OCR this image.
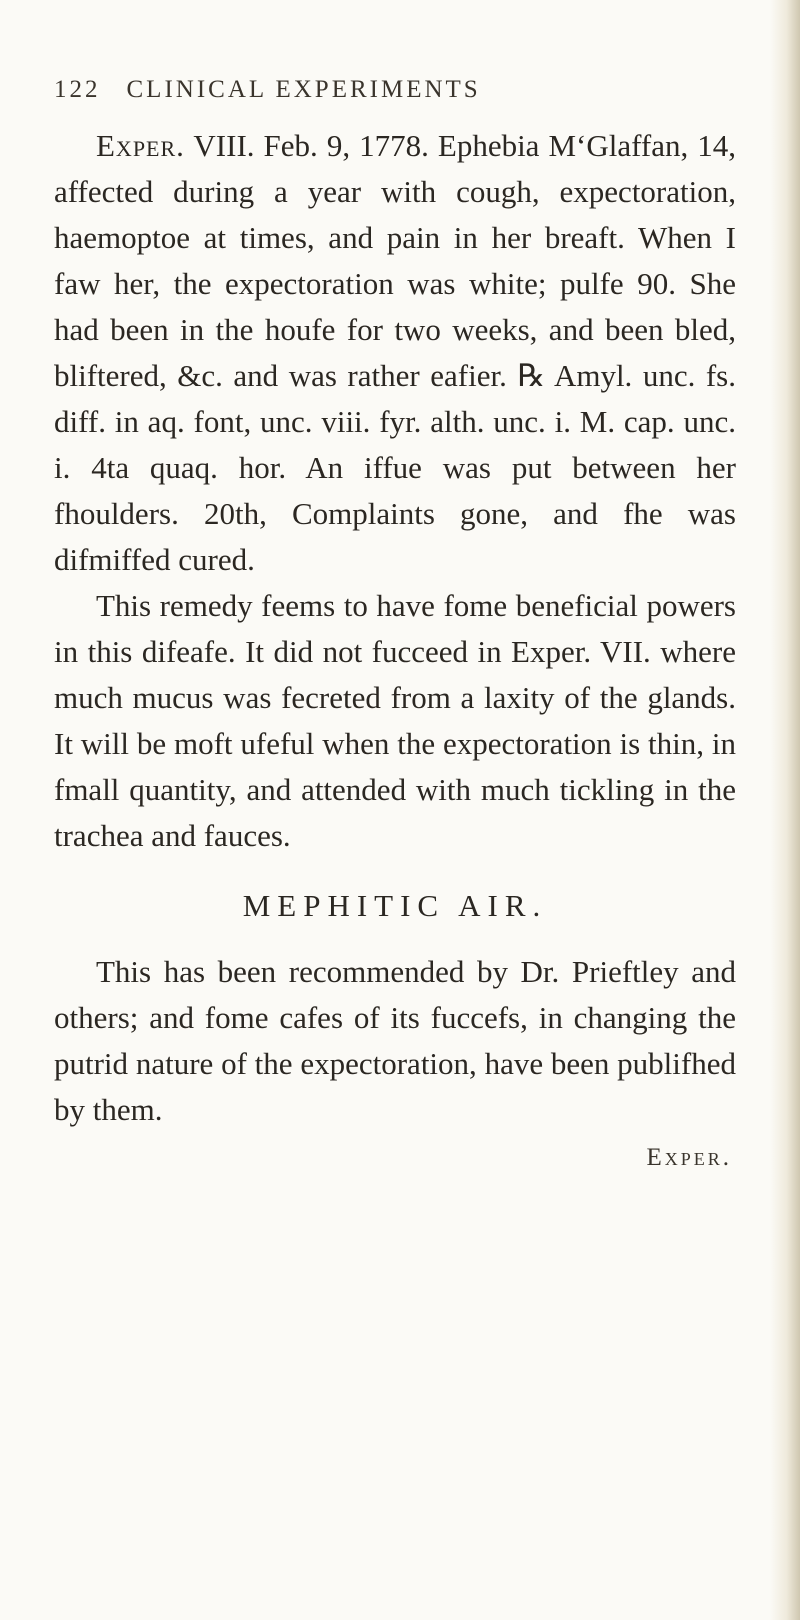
122 CLINICAL EXPERIMENTS

Exper. VIII. Feb. 9, 1778. Ephebia M‘Glaffan, 14, affected during a year with cough, expectoration, haemoptoe at times, and pain in her breaft. When I faw her, the expectoration was white; pulfe 90. She had been in the houfe for two weeks, and been bled, bliftered, &c. and was rather eafier. ℞ Amyl. unc. fs. diff. in aq. font, unc. viii. fyr. alth. unc. i. M. cap. unc. i. 4ta quaq. hor. An iffue was put between her fhoulders. 20th, Complaints gone, and fhe was difmiffed cured.

This remedy feems to have fome beneficial powers in this difeafe. It did not fucceed in Exper. VII. where much mucus was fecreted from a laxity of the glands. It will be moft ufeful when the expectoration is thin, in fmall quantity, and attended with much tickling in the trachea and fauces.

MEPHITIC AIR.

This has been recommended by Dr. Prieftley and others; and fome cafes of its fuccefs, in changing the putrid nature of the expectoration, have been publifhed by them.

Exper.
